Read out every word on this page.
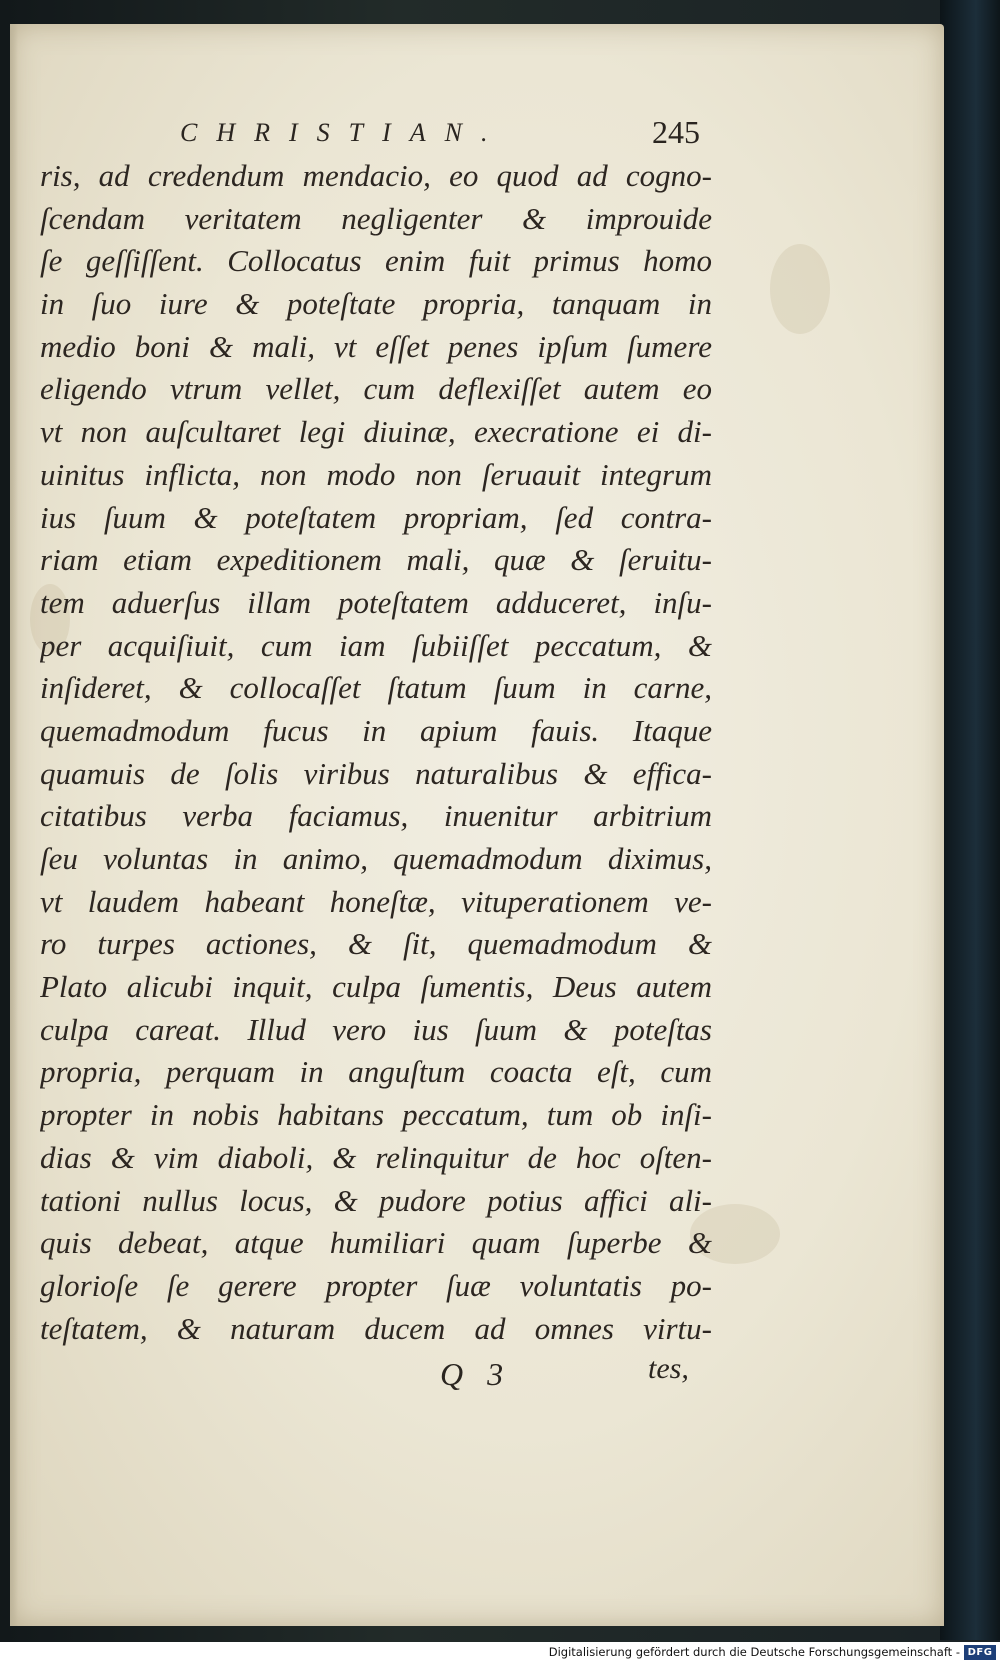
CHRISTIAN.	245
ris, ad credendum mendacio, eo quod ad cogno-
ſcendam veritatem negligenter & improuide
ſe geſſiſſent. Collocatus enim fuit primus homo
in ſuo iure & poteſtate propria, tanquam in
medio boni & mali, vt eſſet penes ipſum ſumere
eligendo vtrum vellet, cum deflexiſſet autem eo
vt non auſcultaret legi diuinæ, execratione ei di-
uinitus inflicta, non modo non ſeruauit integrum
ius ſuum & poteſtatem propriam, ſed contra-
riam etiam expeditionem mali, quæ & ſeruitu-
tem aduerſus illam poteſtatem adduceret, inſu-
per acquiſiuit, cum iam ſubiiſſet peccatum, &
inſideret, & collocaſſet ſtatum ſuum in carne,
quemadmodum fucus in apium fauis. Itaque
quamuis de ſolis viribus naturalibus & effica-
citatibus verba faciamus, inuenitur arbitrium
ſeu voluntas in animo, quemadmodum diximus,
vt laudem habeant honeſtæ, vituperationem ve-
ro turpes actiones, & ſit, quemadmodum &
Plato alicubi inquit, culpa ſumentis, Deus autem
culpa careat. Illud vero ius ſuum & poteſtas
propria, perquam in anguſtum coacta eſt, cum
propter in nobis habitans peccatum, tum ob inſi-
dias & vim diaboli, & relinquitur de hoc oſten-
tationi nullus locus, & pudore potius affici ali-
quis debeat, atque humiliari quam ſuperbe &
glorioſe ſe gerere propter ſuæ voluntatis po-
teſtatem, & naturam ducem ad omnes virtu-
Q 3	tes,
Digitalisierung gefördert durch die Deutsche Forschungsgemeinschaft - DFG
